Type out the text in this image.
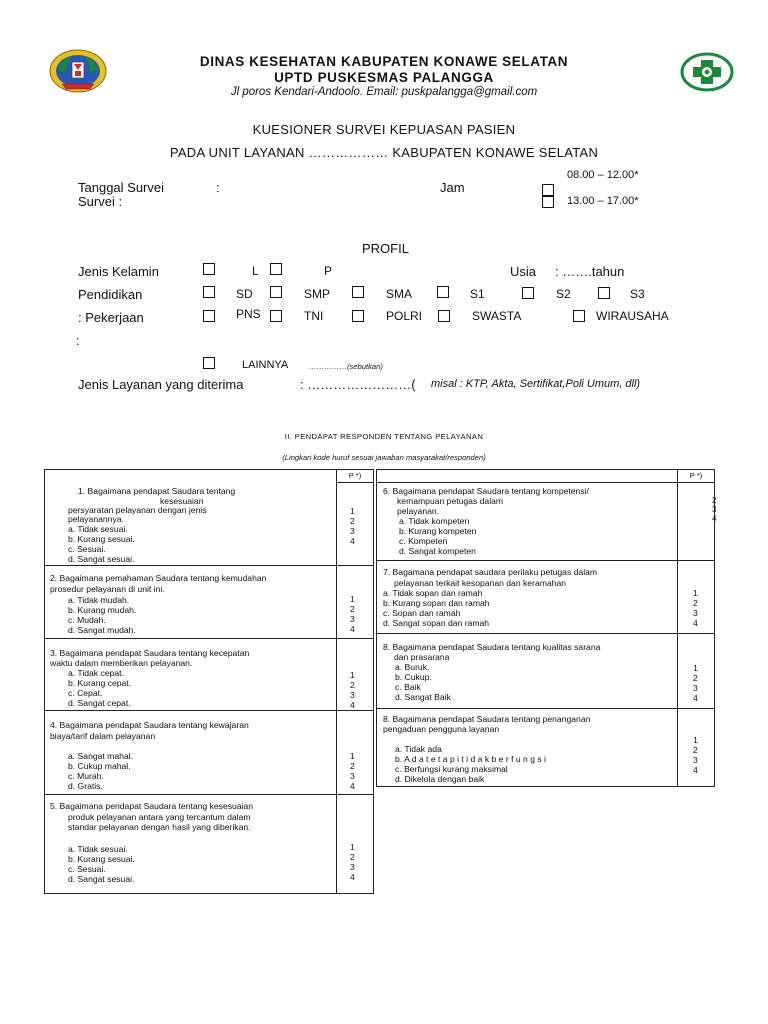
DINAS KESEHATAN KABUPATEN KONAWE SELATAN
UPTD PUSKESMAS PALANGGA
Jl poros Kendari-Andoolo. Email: puskpalangga@gmail.com
KUESIONER SURVEI KEPUASAN PASIEN
PADA UNIT LAYANAN ……………… KABUPATEN KONAWE SELATAN
Tanggal Survei	:
Survei :
Jam
08.00 – 12.00*
13.00 – 17.00*
PROFIL
Jenis Kelamin	L	P	Usia : …….tahun
Pendidikan	SD	SMP	SMA	S1	S2	S3
: Pekerjaan	PNS	TNI	POLRI	SWASTA	WIRAUSAHA
:
LAINNYA	……………(sebutkan)
Jenis Layanan yang diterima	: ……………………( misal : KTP, Akta, Sertifikat,Poli Umum, dll)
II. PENDAPAT RESPONDEN TENTANG PELAYANAN
(Lingkari kode huruf sesuai jawaban masyarakat/responden)
P *)
1. Bagaimana pendapat Saudara tentang
kesesuaian
persyaratan pelayanan dengan jenis
pelayanannya.
a. Tidak sesuai.
b. Kurang sesuai.
c. Sesuai.
d. Sangat sesuai.
1
2
3
4
2. Bagaimana pemahaman Saudara tentang kemudahan
prosedur pelayanan di unit ini.
a. Tidak mudah.
b. Kurang mudah.
c. Mudah.
d. Sangat mudah.
1
2
3
4
3. Bagaimana pendapat Saudara tentang kecepatan
waktu dalam memberikan pelayanan.
a. Tidak cepat.
b. Kurang cepat.
c. Cepat.
d. Sangat cepat.
1
2
3
4
4. Bagaimana pendapat Saudara tentang kewajaran
biaya/tarif dalam pelayanan
a. Sangat mahal.
b. Cukup mahal.
c. Murah.
d. Gratis.
1
2
3
4
5. Bagaimana pendapat Saudara tentang kesesuaian
produk pelayanan antara yang tercantum dalam
standar pelayanan dengan hasil yang diberikan.
a. Tidak sesuai.
b. Kurang sesuai.
c. Sesuai.
d. Sangat sesuai.
1
2
3
4
P *)
6. Bagaimana pendapat Saudara tentang kompetensi/
kemampuan petugas dalam
pelayanan.
a. Tidak kompeten
b. Kurang kompeten
c. Kompeten
d. Sangat kompeten
2
3
4
7. Bagamana pendapat saudara perilaku petugas dalam
pelayanan terkait kesopanan dan keramahan
a. Tidak sopan dan ramah
b. Kurang sopan dan ramah
c. Sopan dan ramah
d. Sangat sopan dan ramah
1
2
3
4
8. Bagaimana pendapat Saudara tentang kualitas sarana
dan prasarana
a. Buruk.
b. Cukup.
c. Baik
d. Sangat Baik
1
2
3
4
8. Bagaimana pendapat Saudara tentang penanganan
pengaduan pengguna layanan
a. Tidak ada
b. A d a t e t a p i t i d a k b e r f u n g s i
c. Berfungsi kurang maksimal
d. Dikelola dengan baik
1
2
3
4
